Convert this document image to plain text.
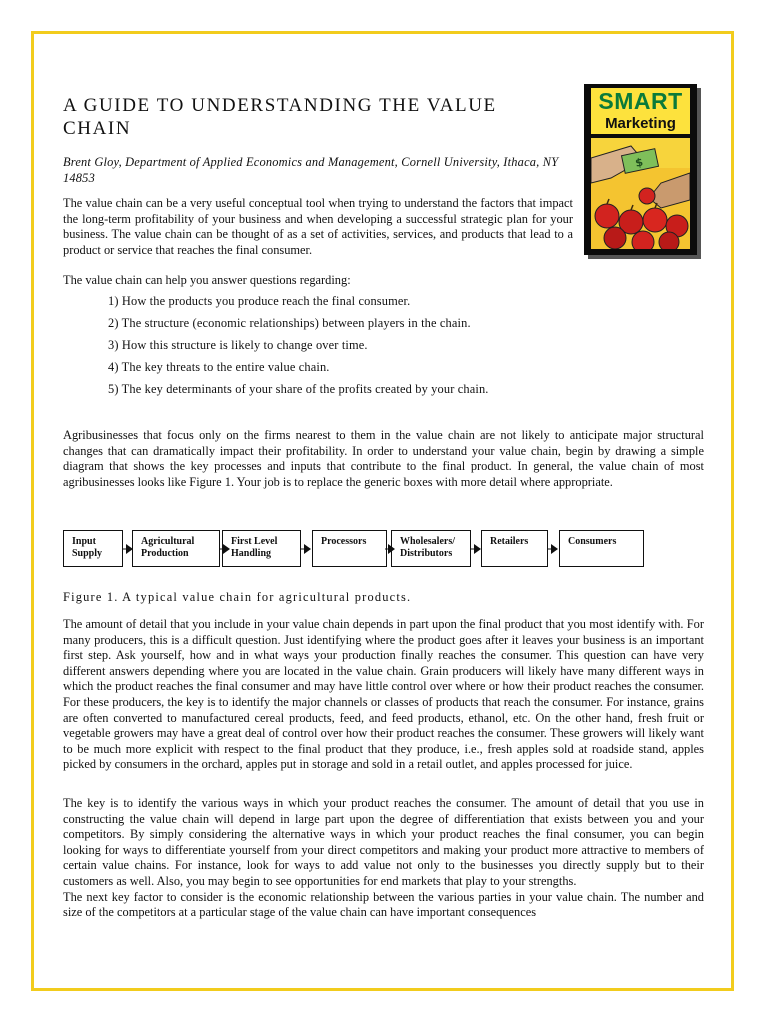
A GUIDE TO UNDERSTANDING THE VALUE CHAIN
SMART
Marketing
$
Brent Gloy, Department of Applied Economics and Management, Cornell University, Ithaca, NY 14853

The value chain can be a very useful conceptual tool when trying to understand the factors that impact the long-term profitability of your business and when developing a successful strategic plan for your business. The value chain can be thought of as a set of activities, services, and products that lead to a product or service that reaches the final consumer.

The value chain can help you answer questions regarding:

1) How the products you produce reach the final consumer.
2) The structure (economic relationships) between players in the chain.
3) How this structure is likely to change over time.
4) The key threats to the entire value chain.
5) The key determinants of your share of the profits created by your chain.

Agribusinesses that focus only on the firms nearest to them in the value chain are not likely to anticipate major structural changes that can dramatically impact their profitability. In order to understand your value chain, begin by drawing a simple diagram that shows the key processes and inputs that contribute to the final product. In general, the value chain of most agribusinesses looks like Figure 1. Your job is to replace the generic boxes with more detail where appropriate.

Input
Supply
Agricultural
Production
First Level
Handling
Processors	Wholesalers/
Distributors
Retailers	Consumers
Figure 1. A typical value chain for agricultural products.

The amount of detail that you include in your value chain depends in part upon the final product that you most identify with. For many producers, this is a difficult question. Just identifying where the product goes after it leaves your business is an important first step. Ask yourself, how and in what ways your production finally reaches the consumer. This question can have very different answers depending where you are located in the value chain. Grain producers will likely have many different ways in which the product reaches the final consumer and may have little control over where or how their product reaches the consumer. For these producers, the key is to identify the major channels or classes of products that reach the consumer. For instance, grains are often converted to manufactured cereal products, feed, and feed products, ethanol, etc. On the other hand, fresh fruit or vegetable growers may have a great deal of control over how their product reaches the consumer. These growers will likely want to be much more explicit with respect to the final product that they produce, i.e., fresh apples sold at roadside stand, apples picked by consumers in the orchard, apples put in storage and sold in a retail outlet, and apples processed for juice.

The key is to identify the various ways in which your product reaches the consumer. The amount of detail that you use in constructing the value chain will depend in large part upon the degree of differentiation that exists between you and your competitors. By simply considering the alternative ways in which your product reaches the final consumer, you can begin looking for ways to differentiate yourself from your direct competitors and making your product more attractive to members of certain value chains. For instance, look for ways to add value not only to the businesses you directly supply but to their customers as well. Also, you may begin to see opportunities for end markets that play to your strengths.
The next key factor to consider is the economic relationship between the various parties in your value chain. The number and size of the competitors at a particular stage of the value chain can have important consequences
